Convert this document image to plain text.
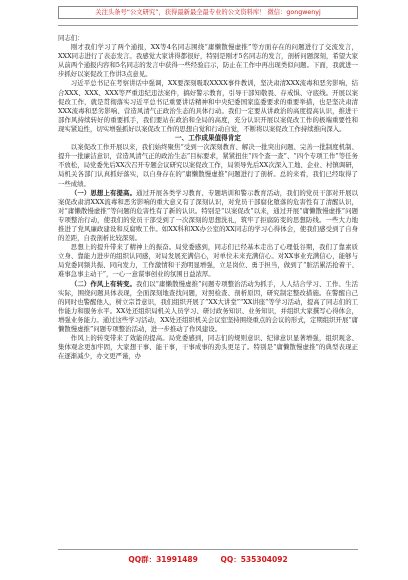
关注头条号“公文研究”，获得最新最全最专业的公文资料库！ 微信：gongwenyj

同志们：

刚才我们学习了两个通报，XX等4名同志围绕“庸懒散慢虚推”等方面存在的问题进行了交流发言，XXX同志进行了表态发言。我感觉大家讲得都很好，特别是刚才5名同志的发言，剖析问题深刻，希望大家从前两个通报内容和5名同志的发言中获得一些经验启示，防止在工作中再出现类似问题。下面，我就进一步抓好以案促改工作讲3点意见。

习近平总书记在考察讲话中强调，XX要深刻吸取XXXX事件教训，坚决肃清XXX流毒和恶劣影响，结合XXX、XXX、XXX等严重违纪违法案件，搞好警示教育，引导干部知敬畏、存戒惧、守底线。开展以案促改工作，就是贯彻落实习近平总书记重要讲话精神和中央纪委国家监委要求的重要举措，也是坚决肃清XXX流毒和恶劣影响、营造风清气正政治生态的具体行动。我们一定要从讲政治的高度提高认识，推进干部作风持续转好的重要抓手，我们要站在政治和全局的高度，充分认识开展以案促改工作的极端重要性和现实紧迫性，切实增强抓好以案促改工作的思想自觉和行动自觉，不断将以案促改工作持续推向深入。

一、工作成果值得肯定

以案促改工作开展以来，我们始终聚焦“受到一次深刻教育、解决一批突出问题、完善一批制度机制、提升一批廉洁意识，营造风清气正的政治生态”目标要求，紧紧扭住“四个查一查”、“四个专项工作”等任务不放松，局党委先后XX次召开专题会议研究以案促改工作，局领导先后XX次深入工地、企业、村镇调研，局机关各部门认真抓好落实，以自身存在的“庸懒散慢虚推”问题进行了剖析。总的来看，我们已经取得了一些成绩。

（一）思想上有提高。通过开展各类学习教育、专题培训和警示教育活动，我们的党员干部对开展以案促改肃清XXX流毒和恶劣影响的重大意义有了深刻认识，对党员干部腐化堕落的危害性有了清醒认识，对“庸懒散慢虚推”等问题的危害性有了新的认识。特别是“以案促改”以来，通过开展“庸懒散慢虚推”问题专项整治行动，使我们的党员干部受到了一次深刻的思想洗礼，筑牢了拒腐防变的思想防线。一些大力地推进了党风廉政建设和反腐败工作。如XX科和XX办公室的XX同志的学习心得体会，使我们感受到了自身的差距，自我剖析比较深刻。

思想上的提升带来了精神上的振奋。局党委感到，同志们已经基本走出了心理低谷期，我们了靠素质立身、靠能力进步的组织认同感，对局发展充满信心，对单位未来充满信心。对XX事业充满信心，能够与局党委同频共振、同向发力，工作激情和干劲明显增强，立足岗位、勇于担当，做到了“脏活累活抢着干、难事急事主动干”，一心一意谋事创业的氛围日益浓厚。

（二）作风上有转变。我们以“庸懒散慢虚推”问题专项整治活动为抓手，人人结合学习、工作、生活实际，围绕问题具体表现，全面深刻地查找问题，对照检查、剖析原因，研究制定整改措施。在警醒自己的同时也警醒他人，树立宗旨意识，我们组织开展了“XX大讲堂”“XX讲座”等学习活动，提高了同志们的工作能力和服务水平。XX处还组织局机关人员学习、研讨政务知识、业务知识，并组织大家撰写心得体会，增强业务能力。通过这些学习活动，XX处还组织机关会议室坚持围绕重点的会议的形式，定期组织开展“庸懒散慢虚推”问题专项整治活动，进一步推动了作风建设。

作风上的转变带来了效能的提高。局党委感到，同志们的规则意识、纪律意识显著增强，组织观念、集体观念更加牢固，大家想干事、能干事，干事成事的劲头更足了。特别是“庸懒散慢虚推”的典型表现正在逐渐减少，办文更严谨，办

QQ群：31991489	QQ：535304092
